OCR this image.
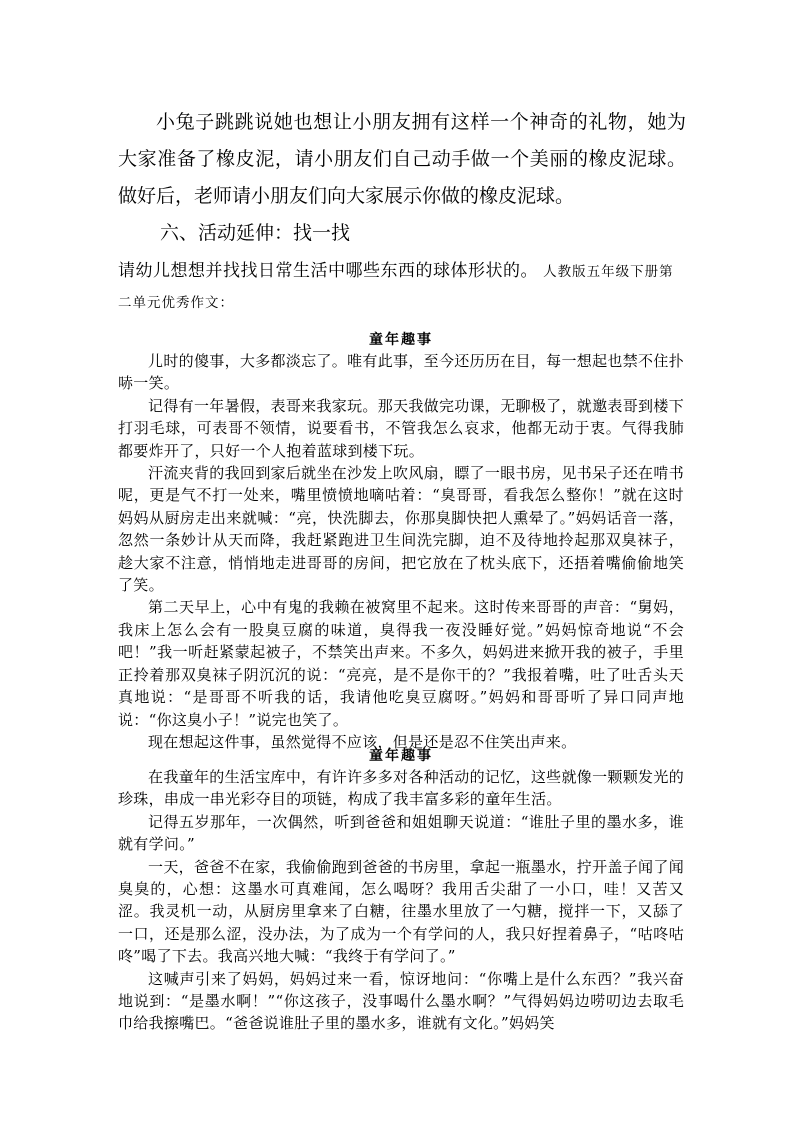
小兔子跳跳说她也想让小朋友拥有这样一个神奇的礼物，她为大家准备了橡皮泥，请小朋友们自己动手做一个美丽的橡皮泥球。做好后，老师请小朋友们向大家展示你做的橡皮泥球。

六、活动延伸：找一找

请幼儿想想并找找日常生活中哪些东西的球体形状的。 人教版五年级下册第二单元优秀作文：

童年趣事

儿时的傻事，大多都淡忘了。唯有此事，至今还历历在目，每一想起也禁不住扑哧一笑。

记得有一年暑假，表哥来我家玩。那天我做完功课，无聊极了，就邀表哥到楼下打羽毛球，可表哥不领情，说要看书，不管我怎么哀求，他都无动于衷。气得我肺都要炸开了，只好一个人抱着蓝球到楼下玩。

汗流夹背的我回到家后就坐在沙发上吹风扇，瞟了一眼书房，见书呆子还在啃书呢，更是气不打一处来，嘴里愤愤地嘀咕着：“臭哥哥，看我怎么整你！”就在这时妈妈从厨房走出来就喊：“亮，快洗脚去，你那臭脚快把人熏晕了。”妈妈话音一落，忽然一条妙计从天而降，我赶紧跑进卫生间洗完脚，迫不及待地拎起那双臭袜子，趁大家不注意，悄悄地走进哥哥的房间，把它放在了枕头底下，还捂着嘴偷偷地笑了笑。

第二天早上，心中有鬼的我赖在被窝里不起来。这时传来哥哥的声音：“舅妈，我床上怎么会有一股臭豆腐的味道，臭得我一夜没睡好觉。”妈妈惊奇地说“不会吧！”我一听赶紧蒙起被子，不禁笑出声来。不多久，妈妈进来掀开我的被子，手里正拎着那双臭袜子阴沉沉的说：“亮亮，是不是你干的？”我报着嘴，吐了吐舌头天真地说：“是哥哥不听我的话，我请他吃臭豆腐呀。”妈妈和哥哥听了异口同声地说：“你这臭小子！”说完也笑了。

现在想起这件事，虽然觉得不应该，但是还是忍不住笑出声来。

童年趣事

在我童年的生活宝库中，有许许多多对各种活动的记忆，这些就像一颗颗发光的珍珠，串成一串光彩夺目的项链，构成了我丰富多彩的童年生活。

记得五岁那年，一次偶然，听到爸爸和姐姐聊天说道：“谁肚子里的墨水多，谁就有学问。”

一天，爸爸不在家，我偷偷跑到爸爸的书房里，拿起一瓶墨水，拧开盖子闻了闻臭臭的，心想：这墨水可真难闻，怎么喝呀？我用舌尖甜了一小口，哇！又苦又涩。我灵机一动，从厨房里拿来了白糖，往墨水里放了一勺糖，搅拌一下，又舔了一口，还是那么涩，没办法，为了成为一个有学问的人，我只好捏着鼻子，“咕咚咕咚”喝了下去。我高兴地大喊：“我终于有学问了。”

这喊声引来了妈妈，妈妈过来一看，惊讶地问：“你嘴上是什么东西？”我兴奋地说到：“是墨水啊！”“你这孩子，没事喝什么墨水啊？”气得妈妈边唠叨边去取毛巾给我擦嘴巴。“爸爸说谁肚子里的墨水多，谁就有文化。”妈妈笑
